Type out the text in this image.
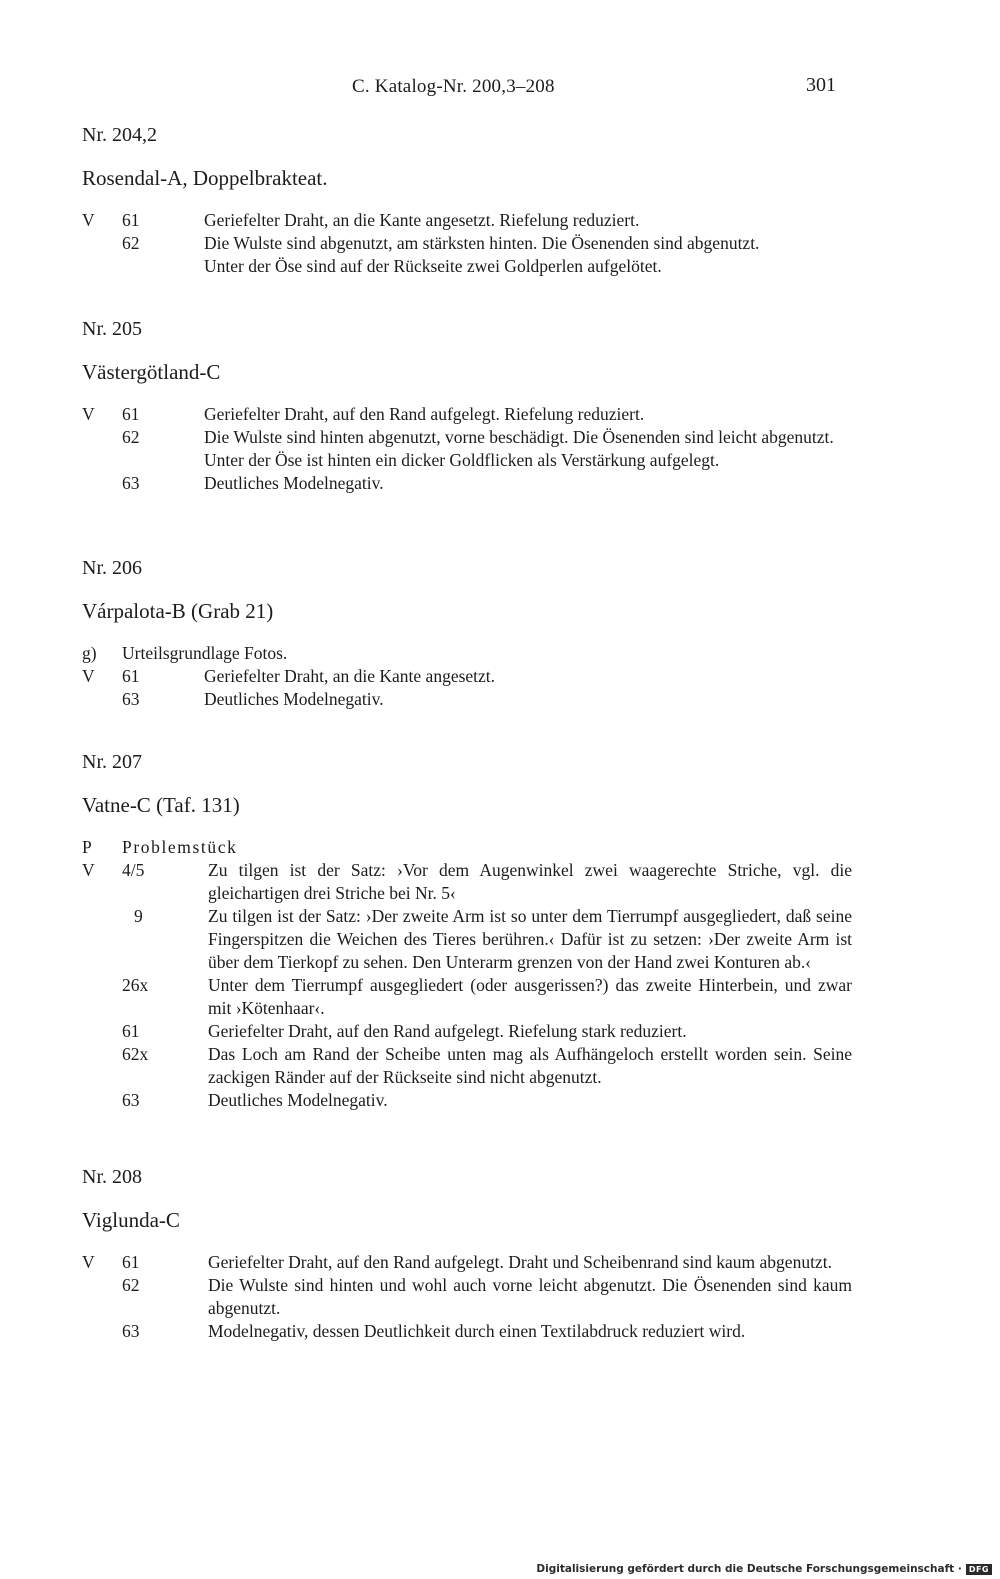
C. Katalog-Nr. 200,3–208	301
Nr. 204,2
Rosendal-A, Doppelbrakteat.
V	61	Geriefelter Draht, an die Kante angesetzt. Riefelung reduziert.
62	Die Wulste sind abgenutzt, am stärksten hinten. Die Ösenenden sind abgenutzt.
Unter der Öse sind auf der Rückseite zwei Goldperlen aufgelötet.
Nr. 205
Västergötland-C
V	61	Geriefelter Draht, auf den Rand aufgelegt. Riefelung reduziert.
62	Die Wulste sind hinten abgenutzt, vorne beschädigt. Die Ösenenden sind leicht abgenutzt.
Unter der Öse ist hinten ein dicker Goldflicken als Verstärkung aufgelegt.
63	Deutliches Modelnegativ.
Nr. 206
Várpalota-B (Grab 21)
g)	Urteilsgrundlage Fotos.
V	61	Geriefelter Draht, an die Kante angesetzt.
63	Deutliches Modelnegativ.
Nr. 207
Vatne-C (Taf. 131)
P	Problemstück
V	4/5	Zu tilgen ist der Satz: ›Vor dem Augenwinkel zwei waagerechte Striche, vgl. die gleichartigen drei Striche bei Nr. 5‹
9	Zu tilgen ist der Satz: ›Der zweite Arm ist so unter dem Tierrumpf ausgegliedert, daß seine Fingerspitzen die Weichen des Tieres berühren.‹ Dafür ist zu setzen: ›Der zweite Arm ist über dem Tierkopf zu sehen. Den Unterarm grenzen von der Hand zwei Konturen ab.‹
26x	Unter dem Tierrumpf ausgegliedert (oder ausgerissen?) das zweite Hinterbein, und zwar mit ›Kötenhaar‹.
61	Geriefelter Draht, auf den Rand aufgelegt. Riefelung stark reduziert.
62x	Das Loch am Rand der Scheibe unten mag als Aufhängeloch erstellt worden sein. Seine zackigen Ränder auf der Rückseite sind nicht abgenutzt.
63	Deutliches Modelnegativ.
Nr. 208
Viglunda-C
V	61	Geriefelter Draht, auf den Rand aufgelegt. Draht und Scheibenrand sind kaum abgenutzt.
62	Die Wulste sind hinten und wohl auch vorne leicht abgenutzt. Die Ösenenden sind kaum abgenutzt.
63	Modelnegativ, dessen Deutlichkeit durch einen Textilabdruck reduziert wird.
Digitalisierung gefördert durch die Deutsche Forschungsgemeinschaft · DFG
